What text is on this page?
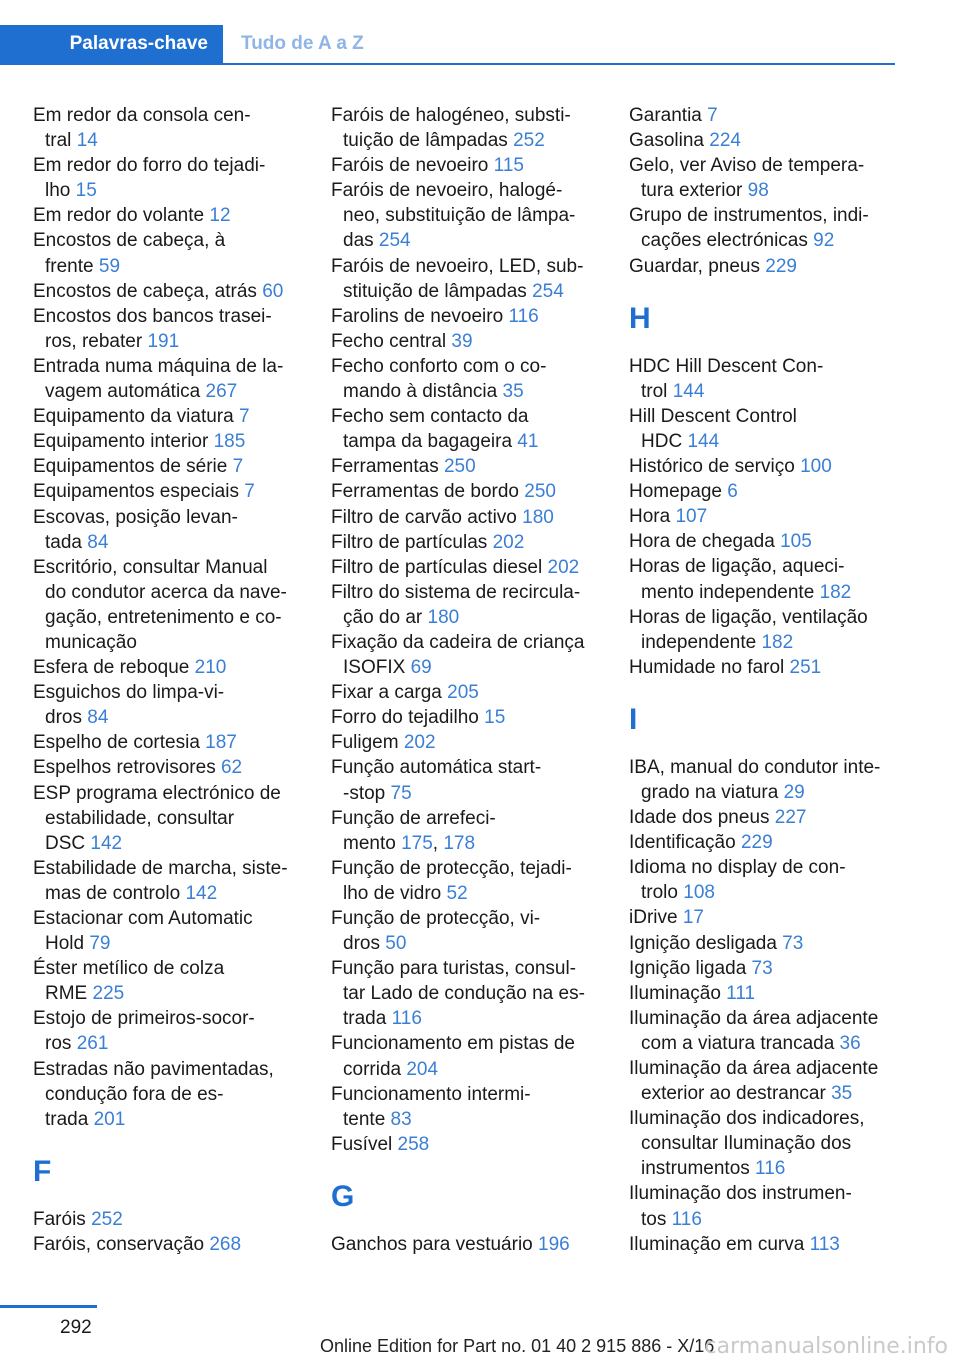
Palavras-chave	Tudo de A a Z
Em redor da consola cen-
tral 14
Em redor do forro do tejadi-
lho 15
Em redor do volante 12
Encostos de cabeça, à
frente 59
Encostos de cabeça, atrás 60
Encostos dos bancos trasei-
ros, rebater 191
Entrada numa máquina de la-
vagem automática 267
Equipamento da viatura 7
Equipamento interior 185
Equipamentos de série 7
Equipamentos especiais 7
Escovas, posição levan-
tada 84
Escritório, consultar Manual
do condutor acerca da nave-
gação, entretenimento e co-
municação
Esfera de reboque 210
Esguichos do limpa-vi-
dros 84
Espelho de cortesia 187
Espelhos retrovisores 62
ESP programa electrónico de
estabilidade, consultar
DSC 142
Estabilidade de marcha, siste-
mas de controlo 142
Estacionar com Automatic
Hold 79
Éster metílico de colza
RME 225
Estojo de primeiros-socor-
ros 261
Estradas não pavimentadas,
condução fora de es-
trada 201
F
Faróis 252
Faróis, conservação 268
Faróis de halogéneo, substi-
tuição de lâmpadas 252
Faróis de nevoeiro 115
Faróis de nevoeiro, halogé-
neo, substituição de lâmpa-
das 254
Faróis de nevoeiro, LED, sub-
stituição de lâmpadas 254
Farolins de nevoeiro 116
Fecho central 39
Fecho conforto com o co-
mando à distância 35
Fecho sem contacto da
tampa da bagageira 41
Ferramentas 250
Ferramentas de bordo 250
Filtro de carvão activo 180
Filtro de partículas 202
Filtro de partículas diesel 202
Filtro do sistema de recircula-
ção do ar 180
Fixação da cadeira de criança
ISOFIX 69
Fixar a carga 205
Forro do tejadilho 15
Fuligem 202
Função automática start-
-stop 75
Função de arrefeci-
mento 175, 178
Função de protecção, tejadi-
lho de vidro 52
Função de protecção, vi-
dros 50
Função para turistas, consul-
tar Lado de condução na es-
trada 116
Funcionamento em pistas de
corrida 204
Funcionamento intermi-
tente 83
Fusível 258
G
Ganchos para vestuário 196
Garantia 7
Gasolina 224
Gelo, ver Aviso de tempera-
tura exterior 98
Grupo de instrumentos, indi-
cações electrónicas 92
Guardar, pneus 229
H
HDC Hill Descent Con-
trol 144
Hill Descent Control
HDC 144
Histórico de serviço 100
Homepage 6
Hora 107
Hora de chegada 105
Horas de ligação, aqueci-
mento independente 182
Horas de ligação, ventilação
independente 182
Humidade no farol 251
I
IBA, manual do condutor inte-
grado na viatura 29
Idade dos pneus 227
Identificação 229
Idioma no display de con-
trolo 108
iDrive 17
Ignição desligada 73
Ignição ligada 73
Iluminação 111
Iluminação da área adjacente
com a viatura trancada 36
Iluminação da área adjacente
exterior ao destrancar 35
Iluminação dos indicadores,
consultar Iluminação dos
instrumentos 116
Iluminação dos instrumen-
tos 116
Iluminação em curva 113
292
Online Edition for Part no. 01 40 2 915 886 - X/16
carmanualsonline.info
